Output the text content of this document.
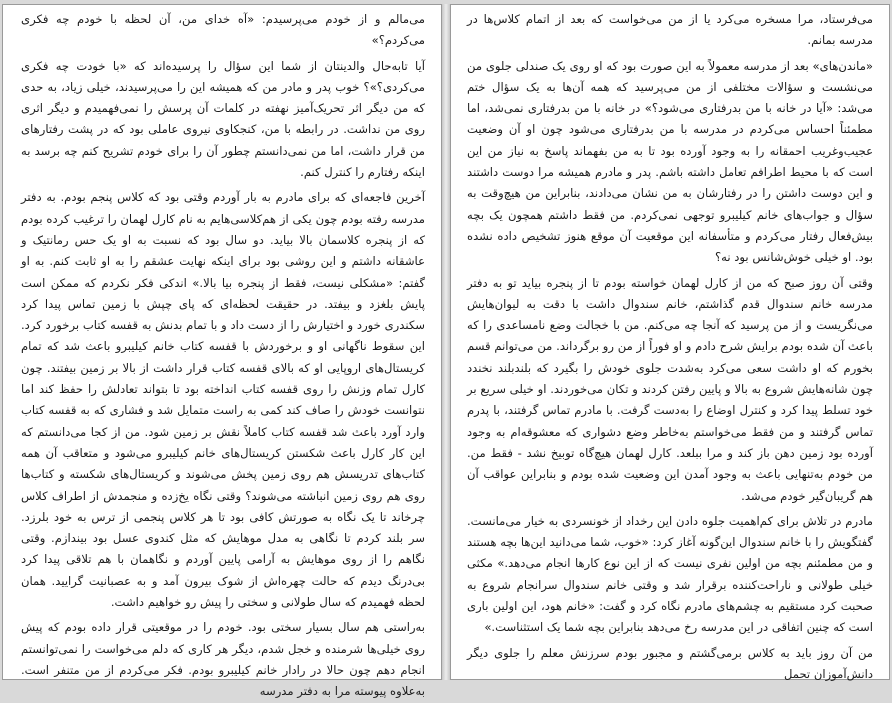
می‌مالم و از خودم می‌پرسیدم: «آه خدای من، آن لحظه با خودم چه فکری می‌کردم؟»

آیا تابه‌حال والدینتان از شما این سؤال را پرسیده‌اند که «با خودت چه فکری می‌کردی؟»؟ خوب پدر و مادر من که همیشه این را می‌پرسیدند، خیلی زیاد، به حدی که من دیگر اثر تحریک‌آمیز نهفته در کلمات آن پرسش را نمی‌فهمیدم و دیگر اثری روی من نداشت. در رابطه با من، کنجکاوی نیروی عاملی بود که در پشت رفتارهای من قرار داشت، اما من نمی‌دانستم چطور آن را برای خودم تشریح کنم چه برسد به اینکه رفتارم را کنترل کنم.

آخرین فاجعه‌ای که برای مادرم به بار آوردم وقتی بود که کلاس پنجم بودم. به دفتر مدرسه رفته بودم چون یکی از هم‌کلاسی‌هایم به نام کارل لهمان را ترغیب کرده بودم که از پنجره کلاسمان بالا بیاید. دو سال بود که نسبت به او یک حس رمانتیک و عاشقانه داشتم و این روشی بود برای اینکه نهایت عشقم را به او ثابت کنم. به او گفتم: «مشکلی نیست، فقط از پنجره بیا بالا.» اندکی فکر نکردم که ممکن است پایش بلغزد و بیفتد. در حقیقت لحظه‌ای که پای چپش با زمین تماس پیدا کرد سکندری خورد و اختیارش را از دست داد و با تمام بدنش به قفسه کتاب برخورد کرد. این سقوط ناگهانی او و برخوردش با قفسه کتاب خانم کیلیبرو باعث شد که تمام کریستال‌های اروپایی او که بالای قفسه کتاب قرار داشت از بالا بر زمین بیفتند. چون کارل تمام وزنش را روی قفسه کتاب انداخته بود تا بتواند تعادلش را حفظ کند اما نتوانست خودش را صاف کند کمی به راست متمایل شد و فشاری که به قفسه کتاب وارد آورد باعث شد قفسه کتاب کاملاً نقش بر زمین شود. من از کجا می‌دانستم که این کار کارل باعث شکستن کریستال‌های خانم کیلیبرو می‌شود و متعاقب آن همه کتاب‌های تدریسش هم روی زمین پخش می‌شوند و کریستال‌های شکسته و کتاب‌ها روی هم روی زمین انباشته می‌شوند؟ وقتی نگاه یخ‌زده و منجمدش از اطراف کلاس چرخاند تا یک نگاه به صورتش کافی بود تا هر کلاس پنجمی از ترس به خود بلرزد. سر بلند کردم تا نگاهی به مدل موهایش که مثل کندوی عسل بود بیندازم. وقتی نگاهم را از روی موهایش به آرامی پایین آوردم و نگاهمان با هم تلاقی پیدا کرد بی‌درنگ دیدم که حالت چهره‌اش از شوک بیرون آمد و به عصبانیت گرایید. همان لحظه فهمیدم که سال طولانی و سختی را پیش رو خواهیم داشت.

به‌راستی هم سال بسیار سختی بود. خودم را در موقعیتی قرار داده بودم که پیش روی خیلی‌ها شرمنده و خجل شدم، دیگر هر کاری که دلم می‌خواست را نمی‌توانستم انجام دهم چون حالا در رادار خانم کیلیبرو بودم. فکر می‌کردم از من متنفر است. به‌علاوه پیوسته مرا به دفتر مدرسه

می‌فرستاد، مرا مسخره می‌کرد یا از من می‌خواست که بعد از اتمام کلاس‌ها در مدرسه بمانم.

«ماندن‌های» بعد از مدرسه معمولاً به این صورت بود که او روی یک صندلی جلوی من می‌نشست و سؤالات مختلفی از من می‌پرسید که همه آن‌ها به یک سؤال ختم می‌شد: «آیا در خانه با من بدرفتاری می‌شود؟» در خانه با من بدرفتاری نمی‌شد، اما مطمئناً احساس می‌کردم در مدرسه با من بدرفتاری می‌شود چون او آن وضعیت عجیب‌وغریب احمقانه را به وجود آورده بود تا به من بفهماند پاسخ به نیاز من این است که با محیط اطرافم تعامل داشته باشم. پدر و مادرم همیشه مرا دوست داشتند و این دوست داشتن را در رفتارشان به من نشان می‌دادند، بنابراین من هیچ‌وقت به سؤال و جواب‌های خانم کیلیبرو توجهی نمی‌کردم. من فقط داشتم همچون یک بچه بیش‌فعال رفتار می‌کردم و متأسفانه این موقعیت آن موقع هنوز تشخیص داده نشده بود. او خیلی خوش‌شانس بود نه؟

وقتی آن روز صبح که من از کارل لهمان خواسته بودم تا از پنجره بیاید تو به دفتر مدرسه خانم سندوال قدم گذاشتم، خانم سندوال داشت با دقت به لیوان‌هایش می‌نگریست و از من پرسید که آنجا چه می‌کنم. من با خجالت وضع نامساعدی را که باعث آن شده بودم برایش شرح دادم و او فوراً از من رو برگرداند. من می‌توانم قسم بخورم که او داشت سعی می‌کرد به‌شدت جلوی خودش را بگیرد که بلندبلند نخندد چون شانه‌هایش شروع به بالا و پایین رفتن کردند و تکان می‌خوردند. او خیلی سریع بر خود تسلط پیدا کرد و کنترل اوضاع را به‌دست گرفت. با مادرم تماس گرفتند، با پدرم تماس گرفتند و من فقط می‌خواستم به‌خاطر وضع دشواری که معشوقه‌ام به وجود آورده بود زمین دهن باز کند و مرا ببلعد. کارل لهمان هیچ‌گاه توبیخ نشد - فقط من. من خودم به‌تنهایی باعث به وجود آمدن این وضعیت شده بودم و بنابراین عواقب آن هم گریبان‌گیر خودم می‌شد.

مادرم در تلاش برای کم‌اهمیت جلوه دادن این رخداد از خونسردی به خیار می‌مانست. گفتگویش را با خانم سندوال این‌گونه آغاز کرد: «خوب، شما می‌دانید این‌ها بچه هستند و من مطمئنم بچه من اولین نفری نیست که از این نوع کارها انجام می‌دهد.» مکثی خیلی طولانی و ناراحت‌کننده برقرار شد و وقتی خانم سندوال سرانجام شروع به صحبت کرد مستقیم به چشم‌های مادرم نگاه کرد و گفت: «خانم هود، این اولین باری است که چنین اتفاقی در این مدرسه رخ می‌دهد بنابراین بچه شما یک استثناست.»

من آن روز باید به کلاس برمی‌گشتم و مجبور بودم سرزنش معلم را جلوی دیگر دانش‌آموزان تحمل
